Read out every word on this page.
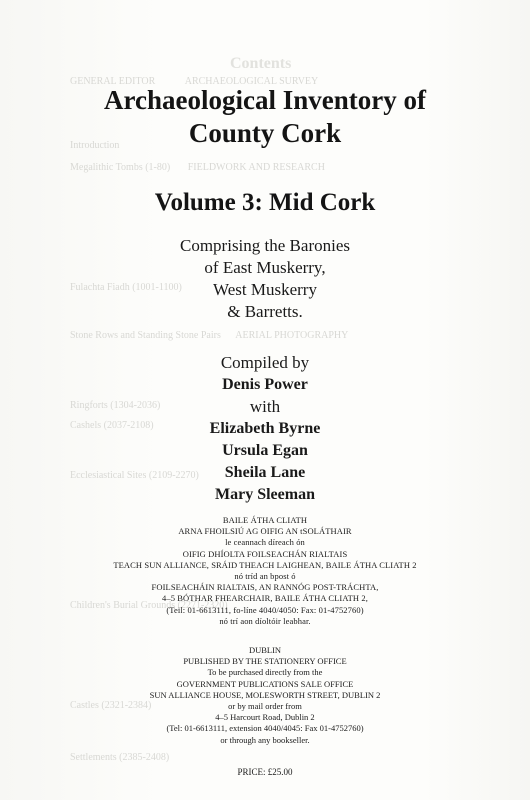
Contents
GENERAL EDITOR            ARCHAEOLOGICAL SURVEY
Introduction
Megalithic Tombs (1-80)       FIELDWORK AND RESEARCH
Fulachta Fiadh (1001-1100)
Stone Rows and Standing Stone Pairs      AERIAL PHOTOGRAPHY
Ringforts (1304-2036)
Cashels (2037-2108)
Ecclesiastical Sites (2109-2270)
Children's Burial Grounds (2271-2320)
Castles (2321-2384)
Settlements (2385-2408)
Archaeological Inventory of
County Cork
Volume 3: Mid Cork
Comprising the Baronies
of East Muskerry,
West Muskerry
& Barretts.
Compiled by
Denis Power
with
Elizabeth Byrne
Ursula Egan
Sheila Lane
Mary Sleeman
BAILE ÁTHA CLIATH
ARNA FHOILSIÚ AG OIFIG AN tSOLÁTHAIR
le ceannach díreach ón
OIFIG DHÍOLTA FOILSEACHÁN RIALTAIS
TEACH SUN ALLIANCE, SRÁID THEACH LAIGHEAN, BAILE ÁTHA CLIATH 2
nó tríd an bpost ó
FOILSEACHÁIN RIALTAIS, AN RANNÓG POST-TRÁCHTA,
4–5 BÓTHAR FHEARCHAIR, BAILE ÁTHA CLIATH 2,
(Teil: 01-6613111, fo-líne 4040/4050: Fax: 01-4752760)
nó trí aon díoltóir leabhar.
DUBLIN
PUBLISHED BY THE STATIONERY OFFICE
To be purchased directly from the
GOVERNMENT PUBLICATIONS SALE OFFICE
SUN ALLIANCE HOUSE, MOLESWORTH STREET, DUBLIN 2
or by mail order from
4–5 Harcourt Road, Dublin 2
(Tel: 01-6613111, extension 4040/4045: Fax 01-4752760)
or through any bookseller.
PRICE: £25.00
